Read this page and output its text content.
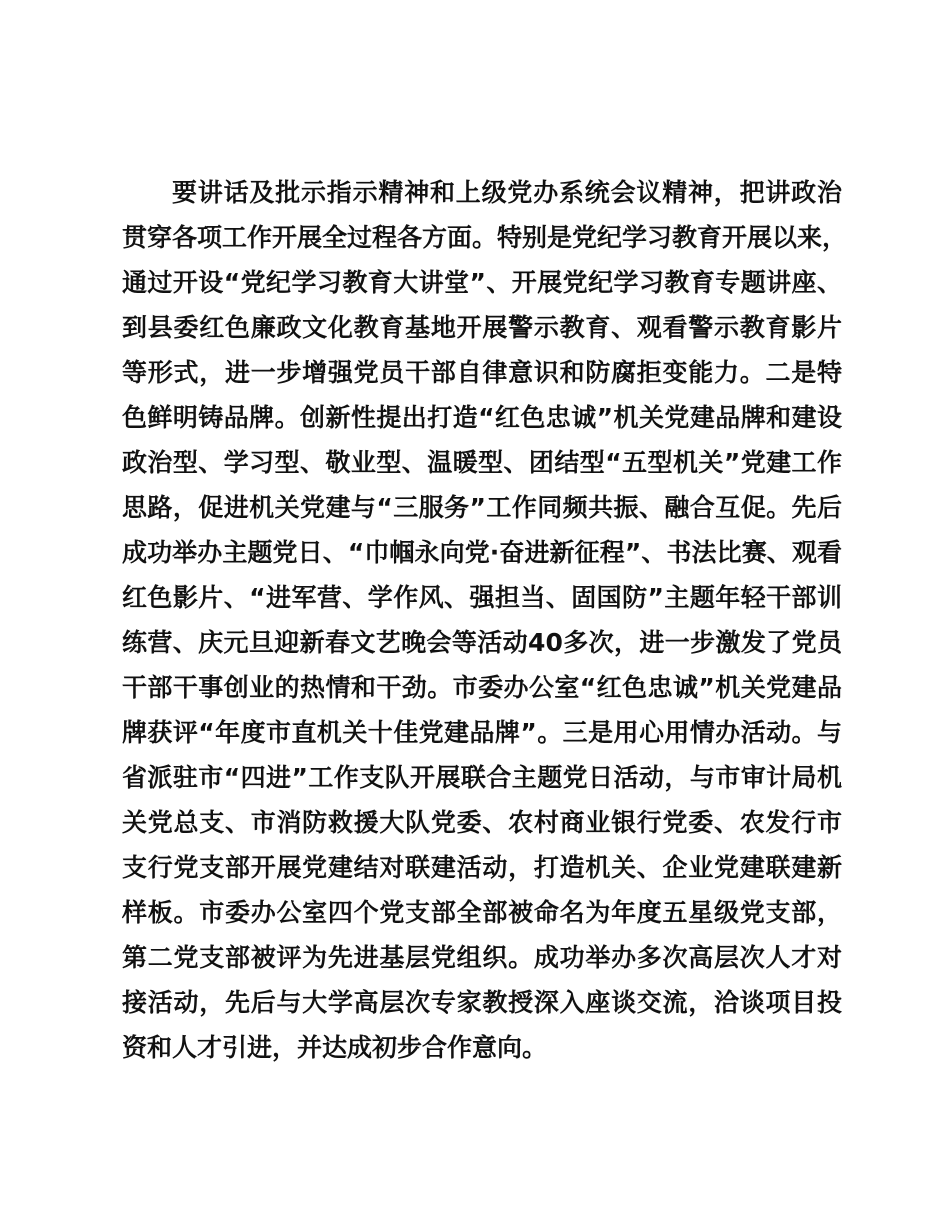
要讲话及批示指示精神和上级党办系统会议精神，把讲政治
贯穿各项工作开展全过程各方面。特别是党纪学习教育开展以来，
通过开设“党纪学习教育大讲堂”、开展党纪学习教育专题讲座、
到县委红色廉政文化教育基地开展警示教育、观看警示教育影片
等形式，进一步增强党员干部自律意识和防腐拒变能力。二是特
色鲜明铸品牌。创新性提出打造“红色忠诚”机关党建品牌和建设
政治型、学习型、敬业型、温暖型、团结型“五型机关”党建工作
思路，促进机关党建与“三服务”工作同频共振、融合互促。先后
成功举办主题党日、“巾帼永向党·奋进新征程”、书法比赛、观看
红色影片、“进军营、学作风、强担当、固国防”主题年轻干部训
练营、庆元旦迎新春文艺晚会等活动40多次，进一步激发了党员
干部干事创业的热情和干劲。市委办公室“红色忠诚”机关党建品
牌获评“年度市直机关十佳党建品牌”。三是用心用情办活动。与
省派驻市“四进”工作支队开展联合主题党日活动，与市审计局机
关党总支、市消防救援大队党委、农村商业银行党委、农发行市
支行党支部开展党建结对联建活动，打造机关、企业党建联建新
样板。市委办公室四个党支部全部被命名为年度五星级党支部，
第二党支部被评为先进基层党组织。成功举办多次高层次人才对
接活动，先后与大学高层次专家教授深入座谈交流，洽谈项目投
资和人才引进，并达成初步合作意向。
